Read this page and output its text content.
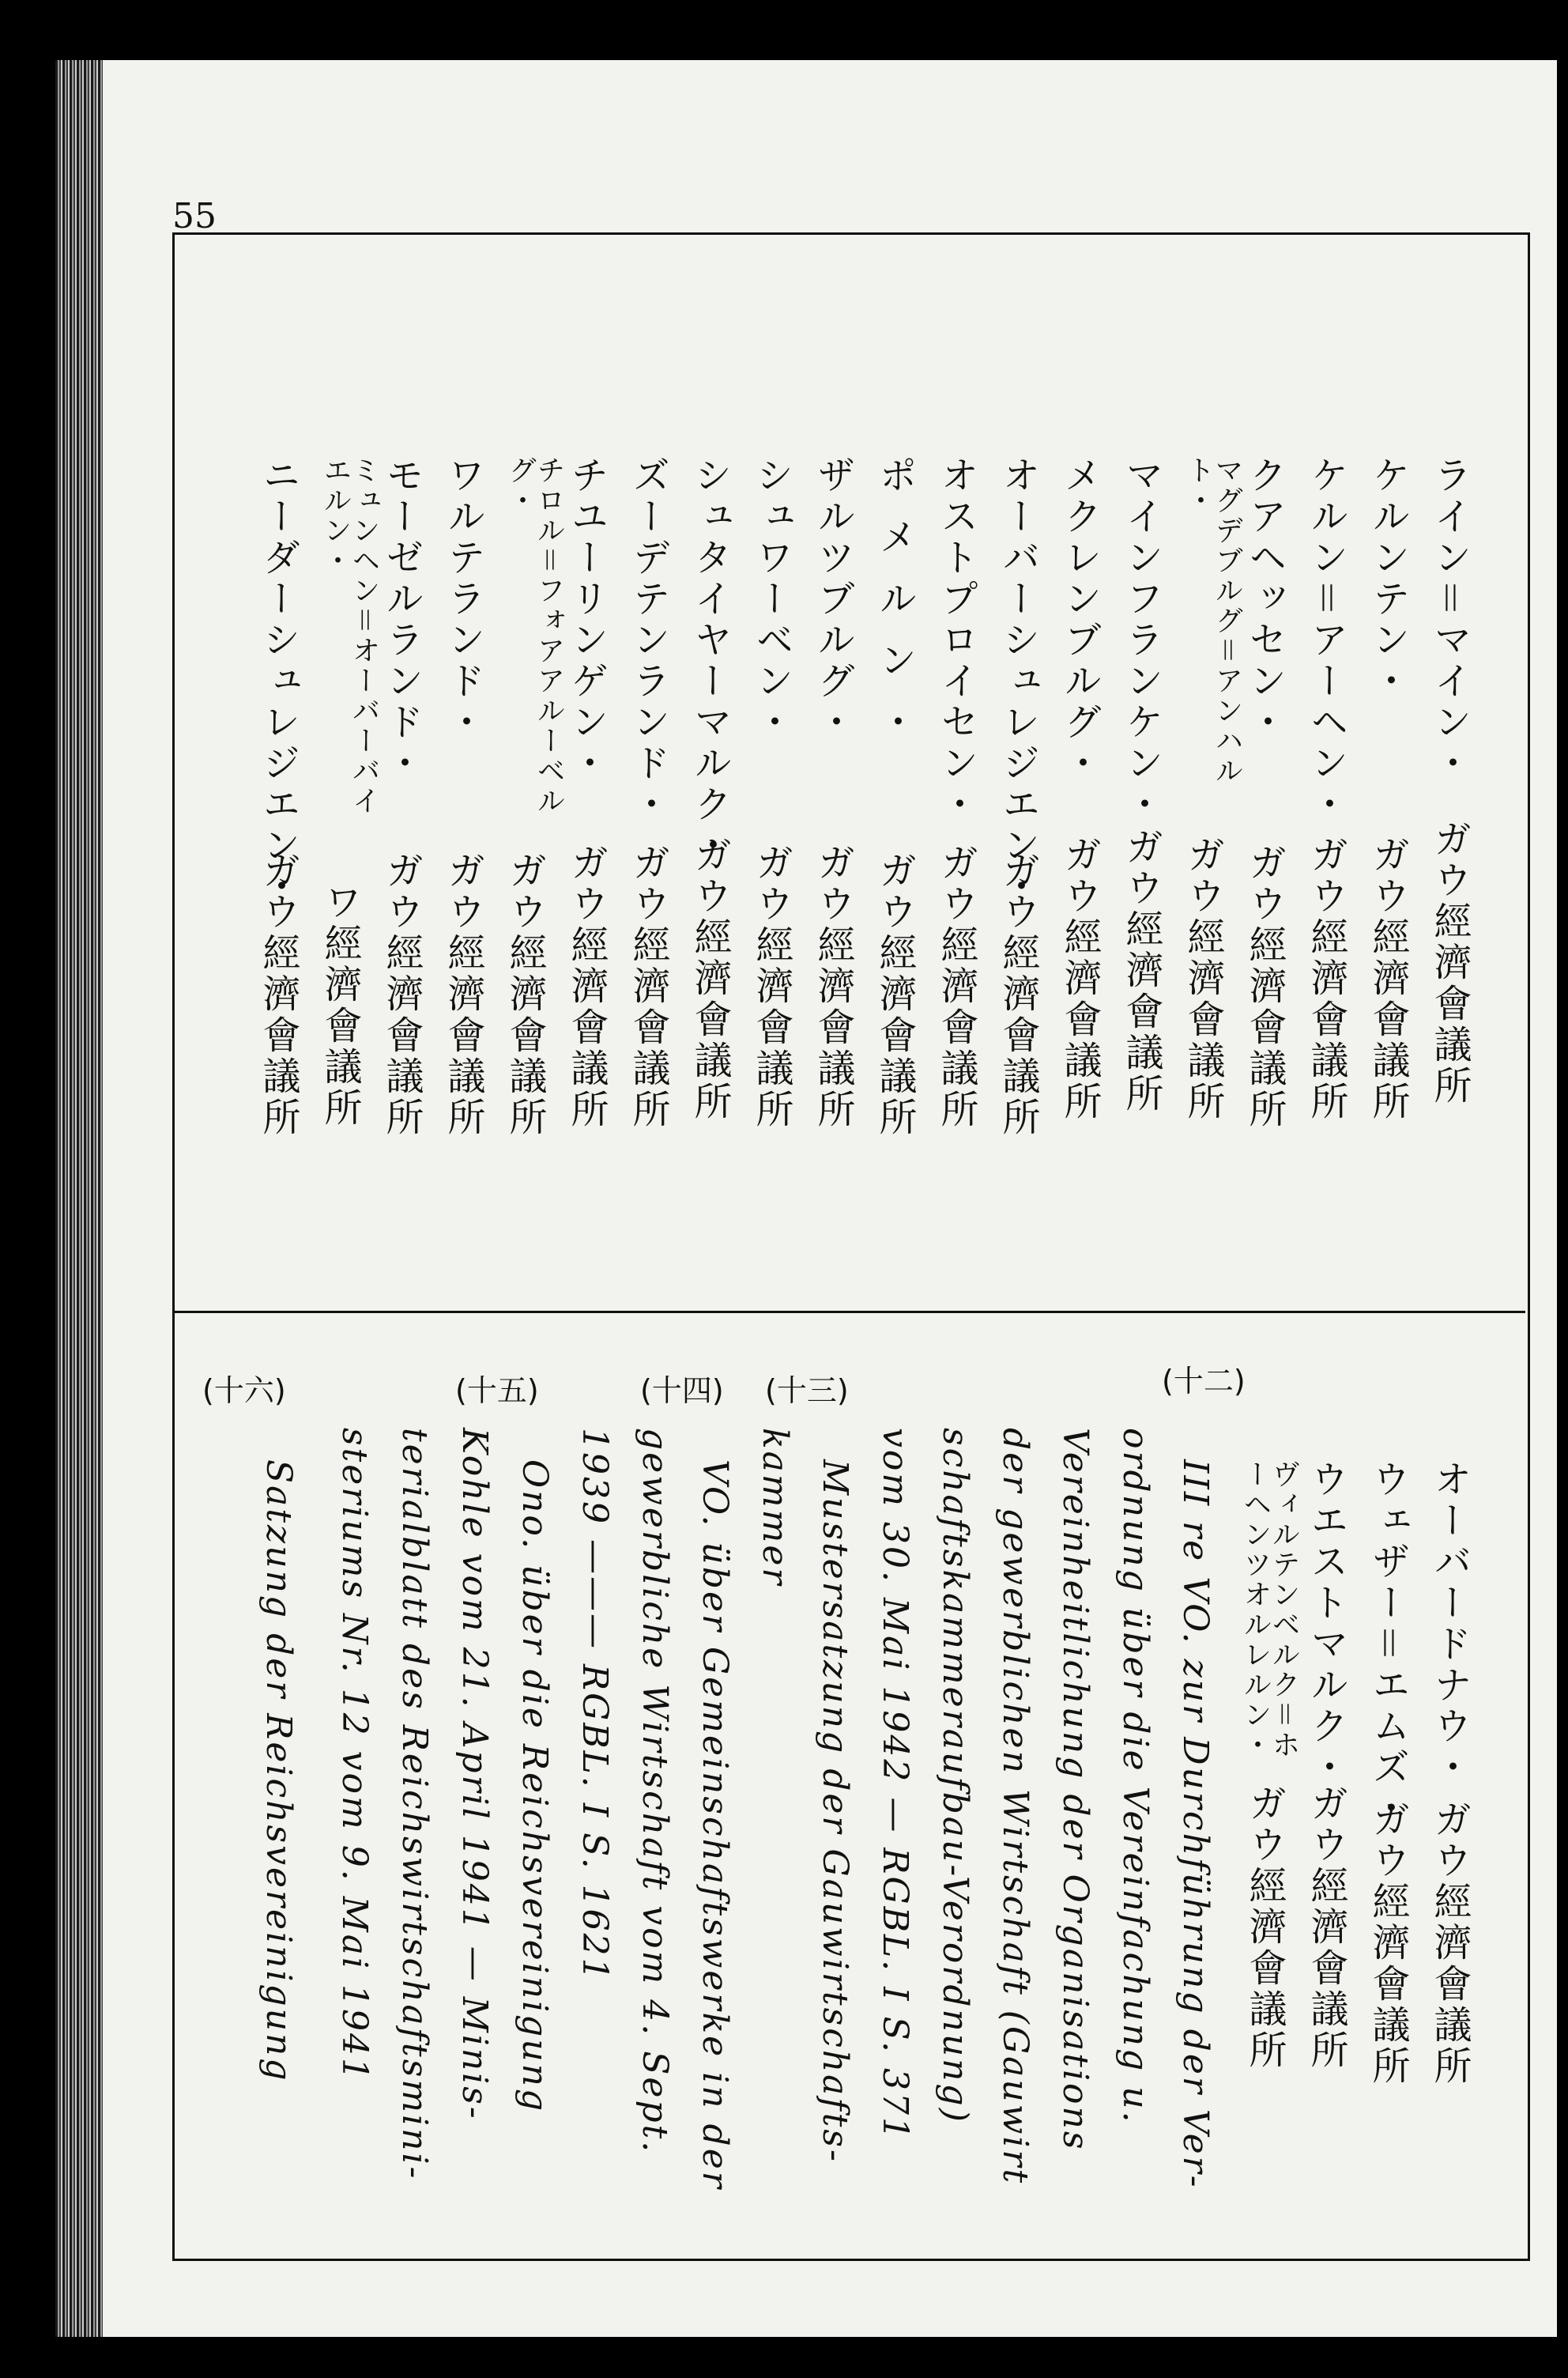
55
ライン＝マイン・
ガウ經濟會議所
ケルンテン・
ガウ經濟會議所
ケルン＝アーヘン・
ガウ經濟會議所
クアヘッセン・
ガウ經濟會議所
マグデブルグ＝アンハルト・
ガウ經濟會議所
マインフランケン・
ガウ經濟會議所
メクレンブルグ・
ガウ經濟會議所
オーバーシュレジエン・
ガウ經濟會議所
オストプロイセン・
ガウ經濟會議所
ポメルン・
ガウ經濟會議所
ザルツブルグ・
ガウ經濟會議所
シュワーベン・
ガウ經濟會議所
シュタイヤーマルク・
ガウ經濟會議所
ズーデテンランド・
ガウ經濟會議所
チユーリンゲン・
ガウ經濟會議所
チロル＝フォアアルーベルグ・
ガウ經濟會議所
ワルテランド・
ガウ經濟會議所
モーゼルランド・
ガウ經濟會議所
ミュンヘン＝オーバーバイエルン・
ワ經濟會議所
ニーダーシュレジエン・
ガウ經濟會議所
オーバードナウ・
ガウ經濟會議所
ウェザー＝エムズ・
ガウ經濟會議所
ウエストマルク・
ガウ經濟會議所
ヴィルテンベルク＝ホーヘンツオルレルン・
ガウ經濟會議所
(十二)
(十三)
(十四)
(十五)
(十六)
III re VO. zur Durchführung der Ver-
ordnung über die Vereinfachung u.
Vereinheitlichung der Organisations
der gewerblichen Wirtschaft (Gauwirt
schaftskammeraufbau-Verordnung)
vom 30. Mai 1942 — RGBL. I S. 371
Mustersatzung der Gauwirtschafts-
kammer
VO. über Gemeinschaftswerke in der
gewerbliche Wirtschaft vom 4. Sept.
1939 ——— RGBL. I S. 1621
Ono. über die Reichsvereinigung
Kohle vom 21. April 1941 — Minis-
terialblatt des Reichswirtschaftsmini-
steriums Nr. 12 vom 9. Mai 1941
Satzung der Reichsvereinigung
